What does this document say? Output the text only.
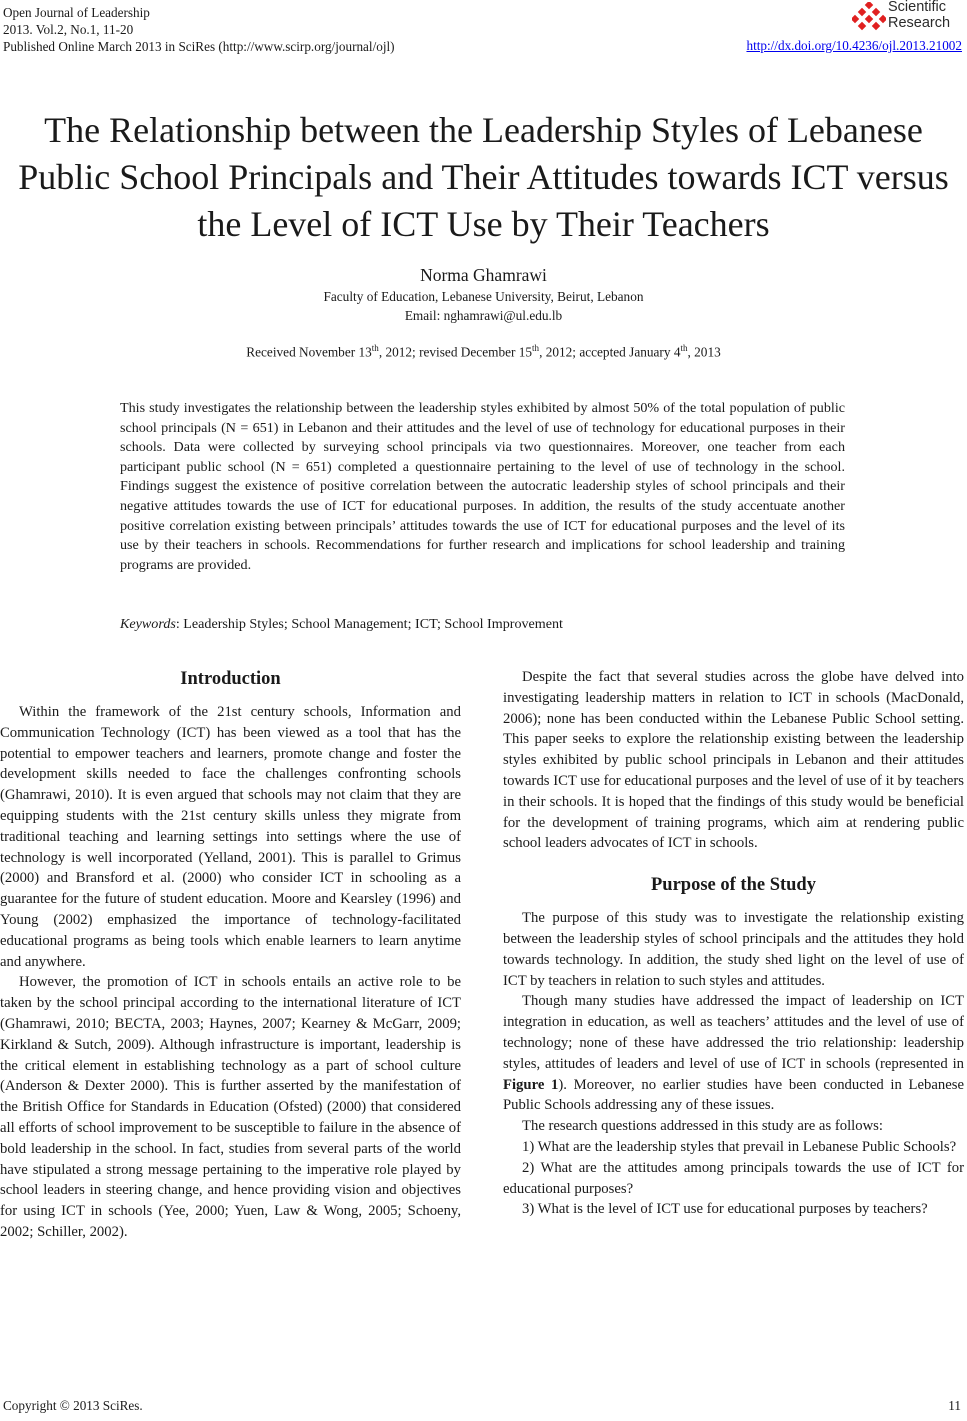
Open Journal of Leadership
2013. Vol.2, No.1, 11-20
Published Online March 2013 in SciRes (http://www.scirp.org/journal/ojl)
Scientific
Research
http://dx.doi.org/10.4236/ojl.2013.21002
The Relationship between the Leadership Styles of Lebanese Public School Principals and Their Attitudes towards ICT versus the Level of ICT Use by Their Teachers
Norma Ghamrawi
Faculty of Education, Lebanese University, Beirut, Lebanon
Email: nghamrawi@ul.edu.lb
Received November 13th, 2012; revised December 15th, 2012; accepted January 4th, 2013
This study investigates the relationship between the leadership styles exhibited by almost 50% of the total population of public school principals (N = 651) in Lebanon and their attitudes and the level of use of technology for educational purposes in their schools. Data were collected by surveying school principals via two questionnaires. Moreover, one teacher from each participant public school (N = 651) completed a questionnaire pertaining to the level of use of technology in the school. Findings suggest the existence of positive correlation between the autocratic leadership styles of school principals and their negative attitudes towards the use of ICT for educational purposes. In addition, the results of the study accentuate another positive correlation existing between principals’ attitudes towards the use of ICT for educational purposes and the level of its use by their teachers in schools. Recommendations for further research and implications for school leadership and training programs are provided.
Keywords: Leadership Styles; School Management; ICT; School Improvement
Introduction

Within the framework of the 21st century schools, Information and Communication Technology (ICT) has been viewed as a tool that has the potential to empower teachers and learners, promote change and foster the development skills needed to face the challenges confronting schools (Ghamrawi, 2010). It is even argued that schools may not claim that they are equipping students with the 21st century skills unless they migrate from traditional teaching and learning settings into settings where the use of technology is well incorporated (Yelland, 2001). This is parallel to Grimus (2000) and Bransford et al. (2000) who consider ICT in schooling as a guarantee for the future of student education. Moore and Kearsley (1996) and Young (2002) emphasized the importance of technology-facilitated educational programs as being tools which enable learners to learn anytime and anywhere.

However, the promotion of ICT in schools entails an active role to be taken by the school principal according to the international literature of ICT (Ghamrawi, 2010; BECTA, 2003; Haynes, 2007; Kearney & McGarr, 2009; Kirkland & Sutch, 2009). Although infrastructure is important, leadership is the critical element in establishing technology as a part of school culture (Anderson & Dexter 2000). This is further asserted by the manifestation of the British Office for Standards in Education (Ofsted) (2000) that considered all efforts of school improvement to be susceptible to failure in the absence of bold leadership in the school. In fact, studies from several parts of the world have stipulated a strong message pertaining to the imperative role played by school leaders in steering change, and hence providing vision and objectives for using ICT in schools (Yee, 2000; Yuen, Law & Wong, 2005; Schoeny, 2002; Schiller, 2002).

Despite the fact that several studies across the globe have delved into investigating leadership matters in relation to ICT in schools (MacDonald, 2006); none has been conducted within the Lebanese Public School setting. This paper seeks to explore the relationship existing between the leadership styles exhibited by public school principals in Lebanon and their attitudes towards ICT use for educational purposes and the level of use of it by teachers in their schools. It is hoped that the findings of this study would be beneficial for the development of training programs, which aim at rendering public school leaders advocates of ICT in schools.

Purpose of the Study

The purpose of this study was to investigate the relationship existing between the leadership styles of school principals and the attitudes they hold towards technology. In addition, the study shed light on the level of use of ICT by teachers in relation to such styles and attitudes.

Though many studies have addressed the impact of leadership on ICT integration in education, as well as teachers’ attitudes and the level of use of technology; none of these have addressed the trio relationship: leadership styles, attitudes of leaders and level of use of ICT in schools (represented in Figure 1). Moreover, no earlier studies have been conducted in Lebanese Public Schools addressing any of these issues.

The research questions addressed in this study are as follows:

1) What are the leadership styles that prevail in Lebanese Public Schools?

2) What are the attitudes among principals towards the use of ICT for educational purposes?

3) What is the level of ICT use for educational purposes by teachers?

Copyright © 2013 SciRes.	11
